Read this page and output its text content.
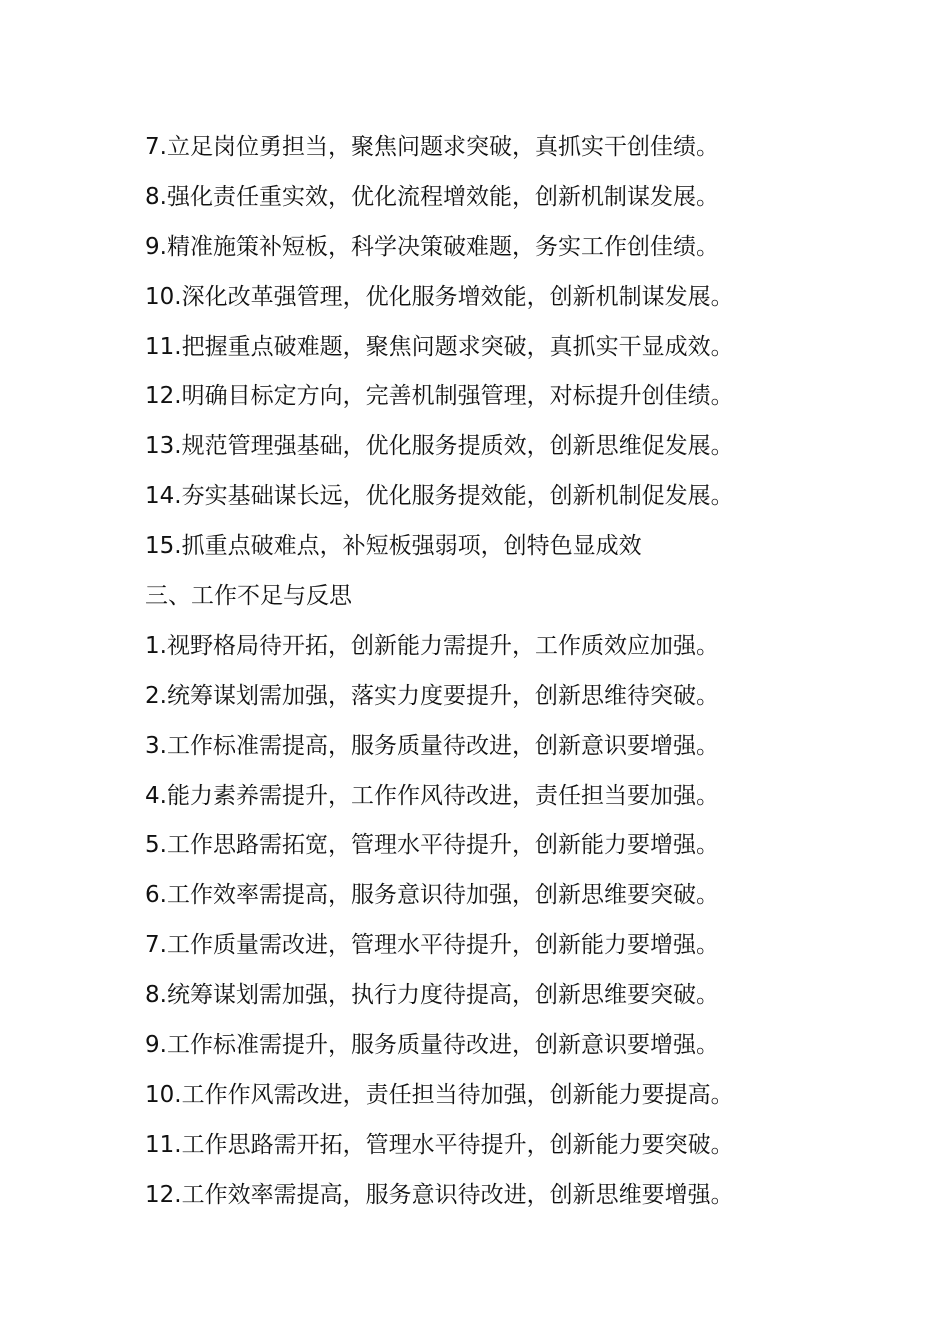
7.立足岗位勇担当，聚焦问题求突破，真抓实干创佳绩。
8.强化责任重实效，优化流程增效能，创新机制谋发展。
9.精准施策补短板，科学决策破难题，务实工作创佳绩。
10.深化改革强管理，优化服务增效能，创新机制谋发展。
11.把握重点破难题，聚焦问题求突破，真抓实干显成效。
12.明确目标定方向，完善机制强管理，对标提升创佳绩。
13.规范管理强基础，优化服务提质效，创新思维促发展。
14.夯实基础谋长远，优化服务提效能，创新机制促发展。
15.抓重点破难点，补短板强弱项，创特色显成效
三、工作不足与反思
1.视野格局待开拓，创新能力需提升，工作质效应加强。
2.统筹谋划需加强，落实力度要提升，创新思维待突破。
3.工作标准需提高，服务质量待改进，创新意识要增强。
4.能力素养需提升，工作作风待改进，责任担当要加强。
5.工作思路需拓宽，管理水平待提升，创新能力要增强。
6.工作效率需提高，服务意识待加强，创新思维要突破。
7.工作质量需改进，管理水平待提升，创新能力要增强。
8.统筹谋划需加强，执行力度待提高，创新思维要突破。
9.工作标准需提升，服务质量待改进，创新意识要增强。
10.工作作风需改进，责任担当待加强，创新能力要提高。
11.工作思路需开拓，管理水平待提升，创新能力要突破。
12.工作效率需提高，服务意识待改进，创新思维要增强。
